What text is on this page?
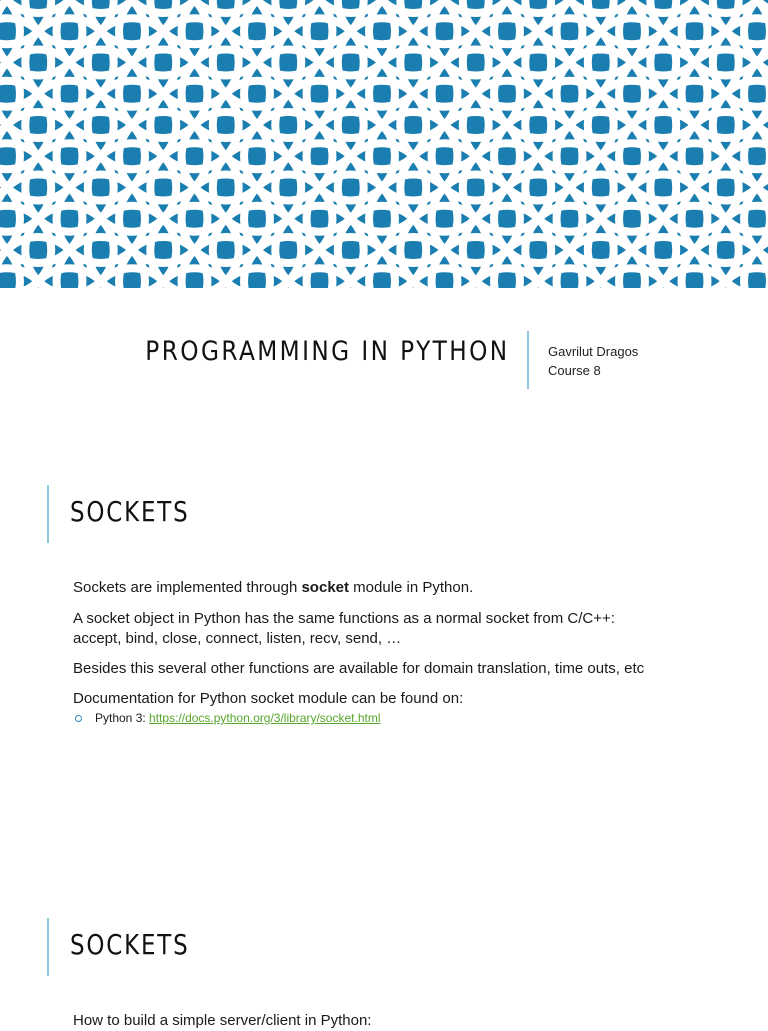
PROGRAMMING IN PYTHON	Gavrilut Dragos
Course 8
SOCKETS
Sockets are implemented through socket module in Python.
A socket object in Python has the same functions as a normal socket from C/C++:
accept, bind, close, connect, listen, recv, send, …
Besides this several other functions are available for domain translation, time outs, etc
Documentation for Python socket module can be found on:
Python 3: https://docs.python.org/3/library/socket.html
SOCKETS
How to build a simple server/client in Python:
